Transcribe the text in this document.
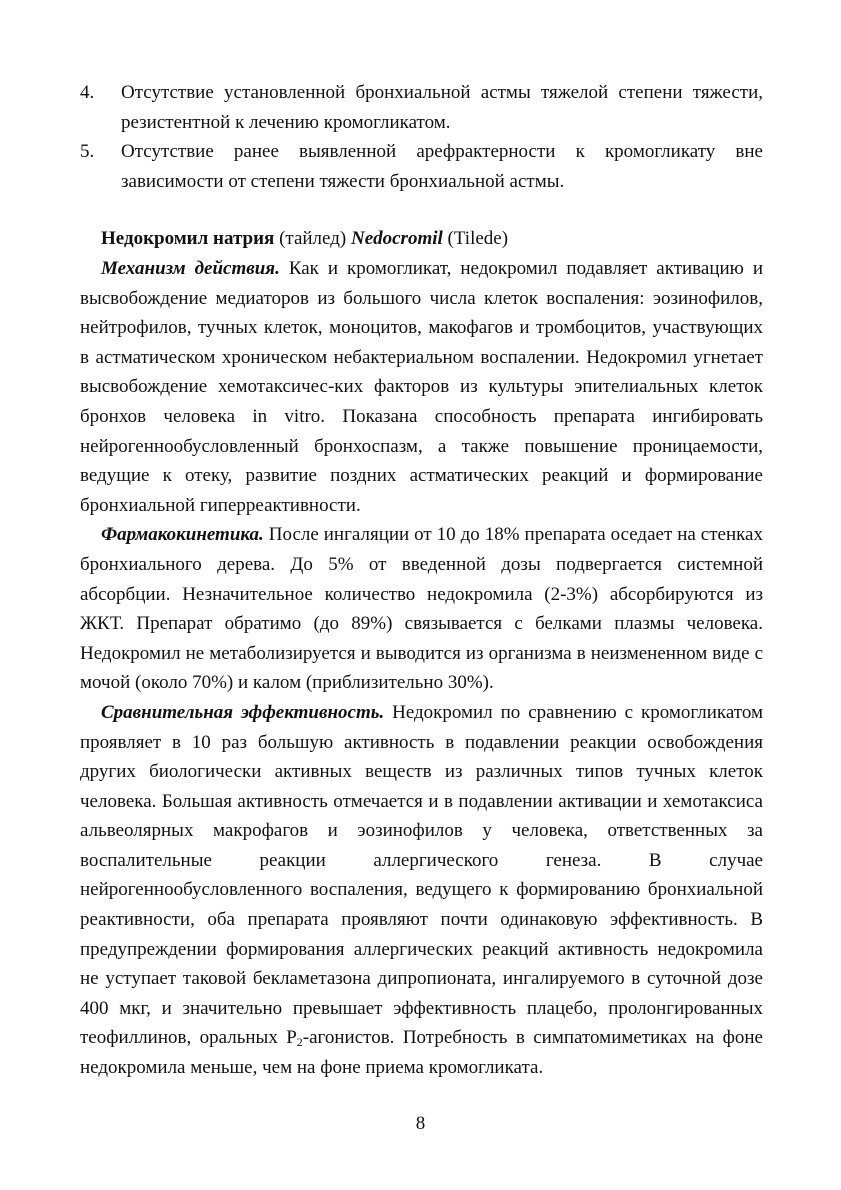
4. Отсутствие установленной бронхиальной астмы тяжелой степени тяжести, резистентной к лечению кромогликатом.
5. Отсутствие ранее выявленной арефрактерности к кромогликату вне зависимости от степени тяжести бронхиальной астмы.
Недокромил натрия (тайлед) Nedocromil (Tilede)

Механизм действия. Как и кромогликат, недокромил подавляет активацию и высвобождение медиаторов из большого числа клеток воспаления: эозинофилов, нейтрофилов, тучных клеток, моноцитов, макофагов и тромбоцитов, участвующих в астматическом хроническом небактериальном воспалении. Недокромил угнетает высвобождение хемотаксичес-ких факторов из культуры эпителиальных клеток бронхов человека in vitro. Показана способность препарата ингибировать нейрогеннообусловленный бронхоспазм, а также повышение проницаемости, ведущие к отеку, развитие поздних астматических реакций и формирование бронхиальной гиперреактивности.

Фармакокинетика. После ингаляции от 10 до 18% препарата оседает на стенках бронхиального дерева. До 5% от введенной дозы подвергается системной абсорбции. Незначительное количество недокромила (2-3%) абсорбируются из ЖКТ. Препарат обратимо (до 89%) связывается с белками плазмы человека. Недокромил не метаболизируется и выводится из организма в неизмененном виде с мочой (около 70%) и калом (приблизительно 30%).

Сравнительная эффективность. Недокромил по сравнению с кромогликатом проявляет в 10 раз большую активность в подавлении реакции освобождения других биологически активных веществ из различных типов тучных клеток человека. Большая активность отмечается и в подавлении активации и хемотаксиса альвеолярных макрофагов и эозинофилов у человека, ответственных за воспалительные реакции аллергического генеза. В случае нейрогеннообусловленного воспаления, ведущего к формированию бронхиальной реактивности, оба препарата проявляют почти одинаковую эффективность. В предупреждении формирования аллергических реакций активность недокромила не уступает таковой бекламетазона дипропионата, ингалируемого в суточной дозе 400 мкг, и значительно превышает эффективность плацебо, пролонгированных теофиллинов, оральных $Р_2$-агонистов. Потребность в симпатомиметиках на фоне недокромила меньше, чем на фоне приема кромогликата.

8
